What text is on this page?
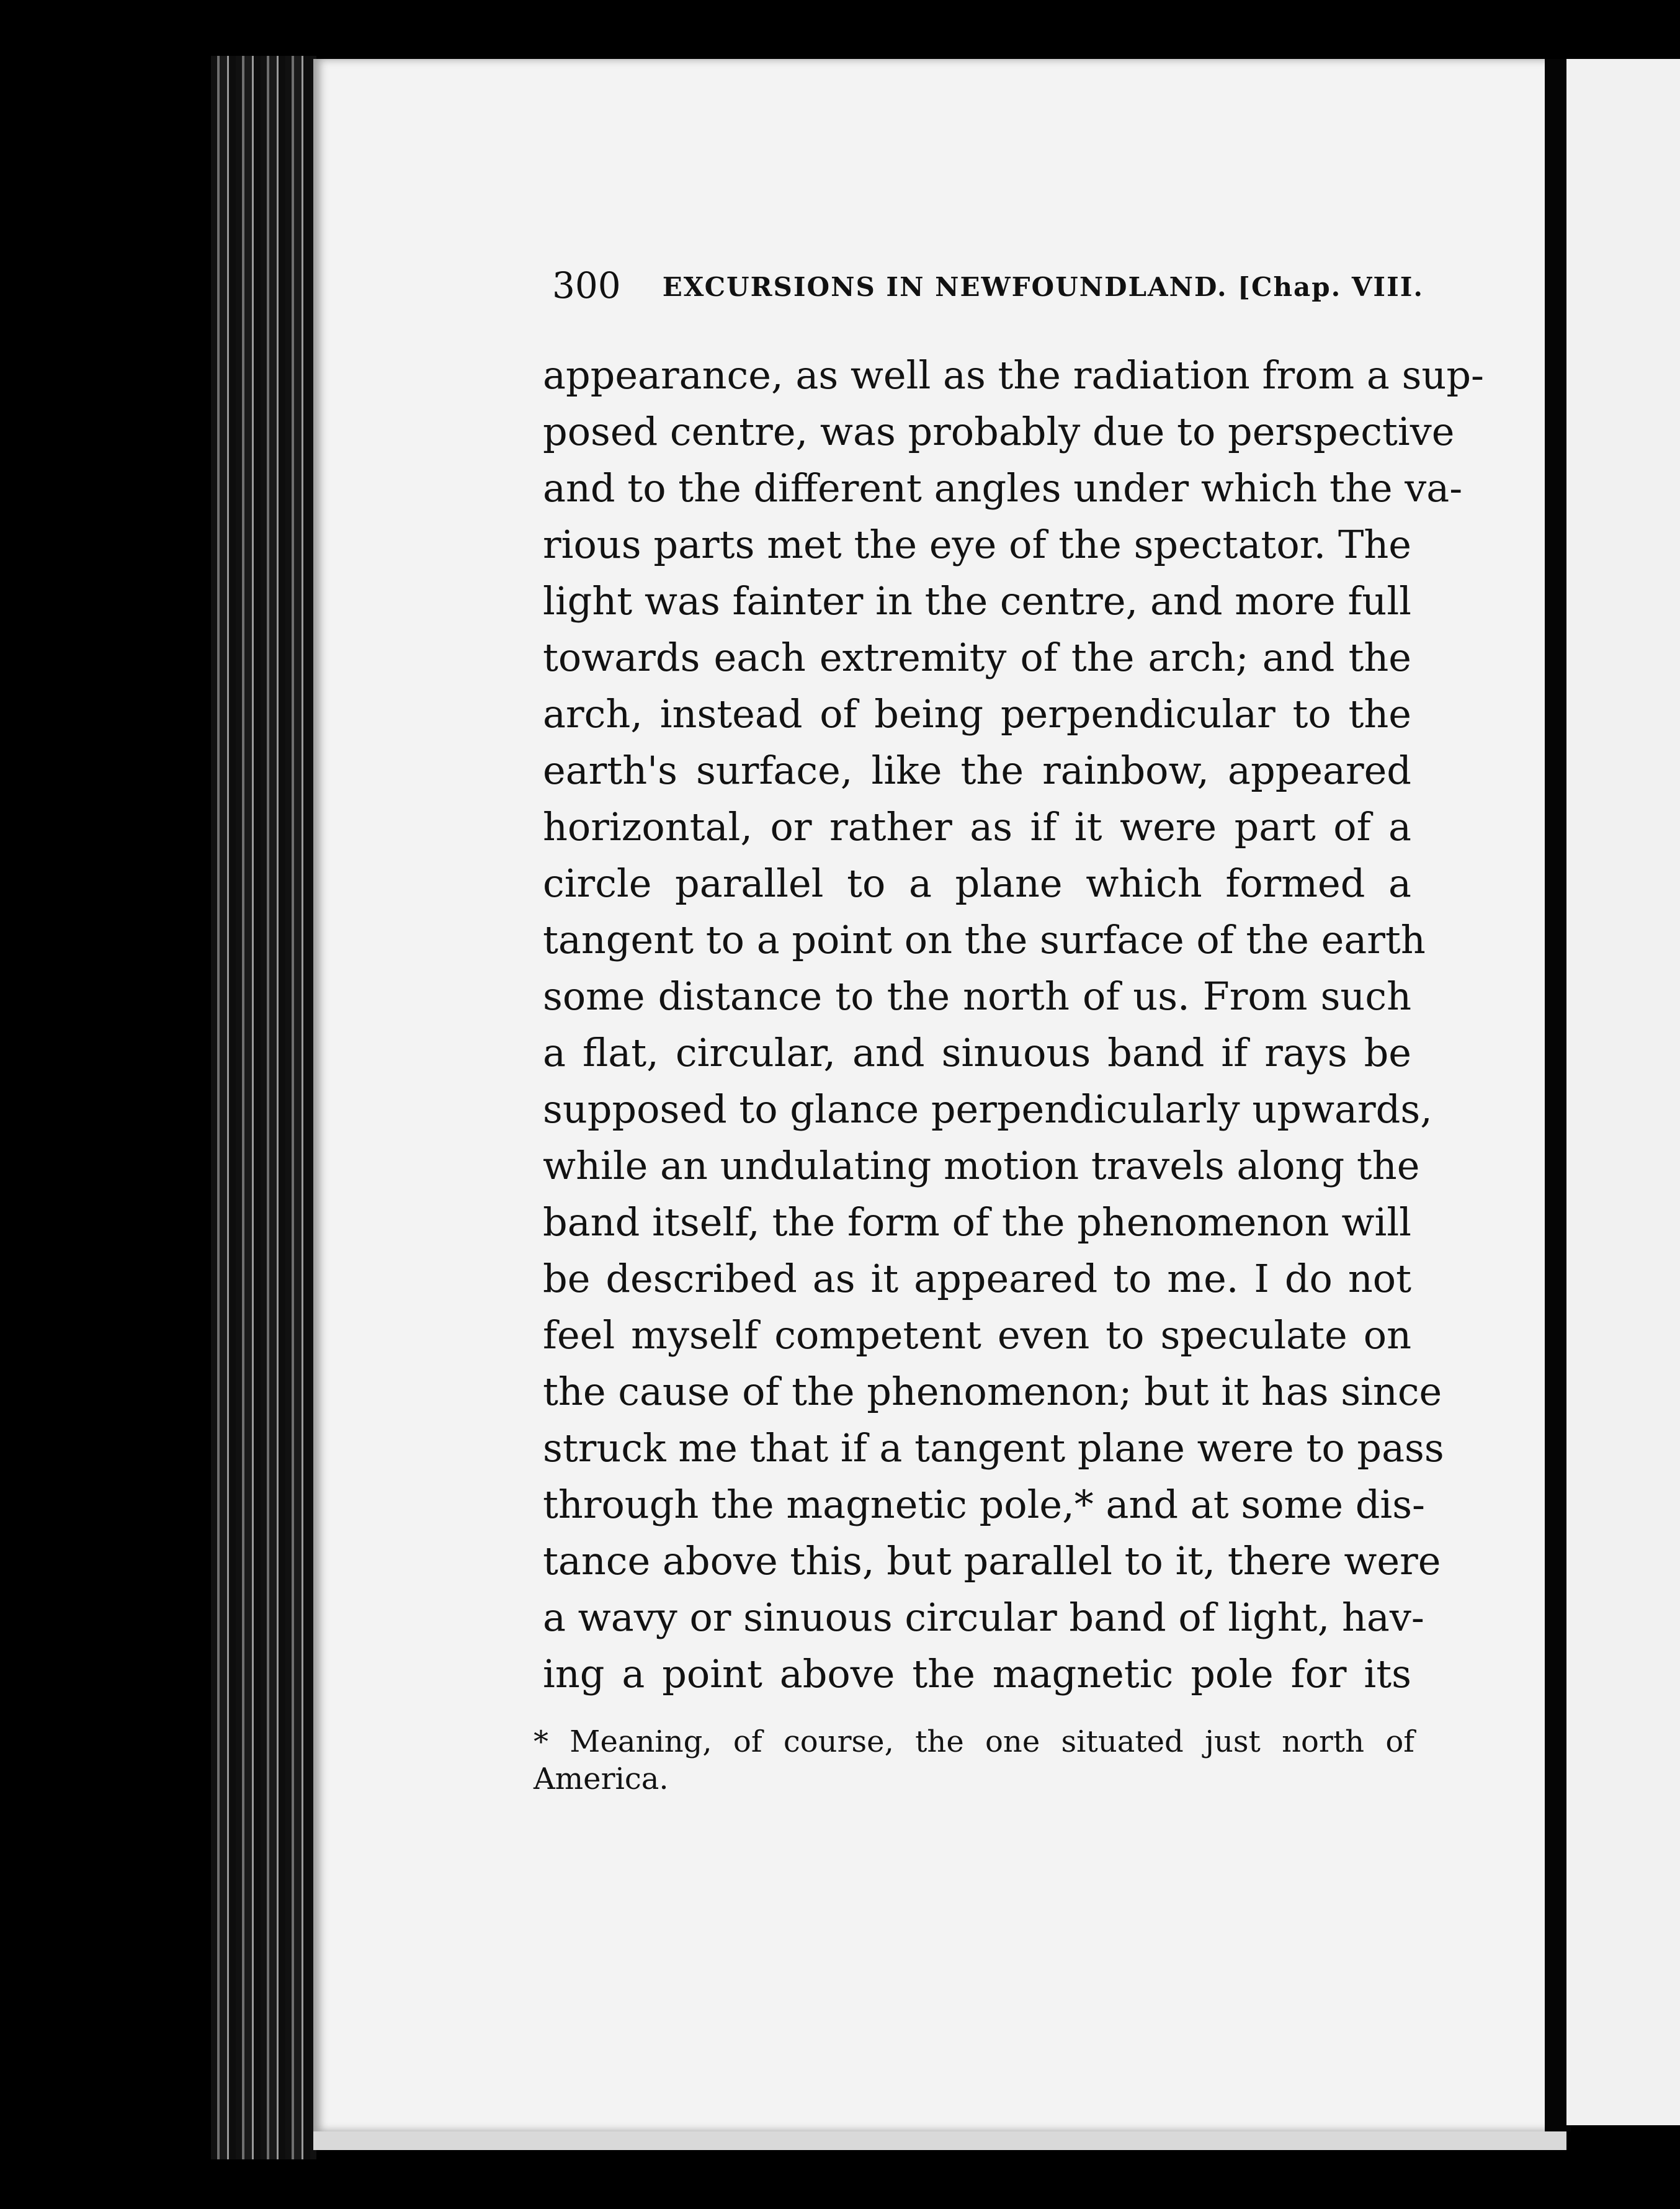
300 EXCURSIONS IN NEWFOUNDLAND. [Chap. VIII.
appearance, as well as the radiation from a sup-
posed centre, was probably due to perspective
and to the different angles under which the va-
rious parts met the eye of the spectator. The
light was fainter in the centre, and more full
towards each extremity of the arch; and the
arch, instead of being perpendicular to the
earth's surface, like the rainbow, appeared
horizontal, or rather as if it were part of a
circle parallel to a plane which formed a
tangent to a point on the surface of the earth
some distance to the north of us. From such
a flat, circular, and sinuous band if rays be
supposed to glance perpendicularly upwards,
while an undulating motion travels along the
band itself, the form of the phenomenon will
be described as it appeared to me. I do not
feel myself competent even to speculate on
the cause of the phenomenon; but it has since
struck me that if a tangent plane were to pass
through the magnetic pole,* and at some dis-
tance above this, but parallel to it, there were
a wavy or sinuous circular band of light, hav-
ing a point above the magnetic pole for its
* Meaning, of course, the one situated just north of
America.
